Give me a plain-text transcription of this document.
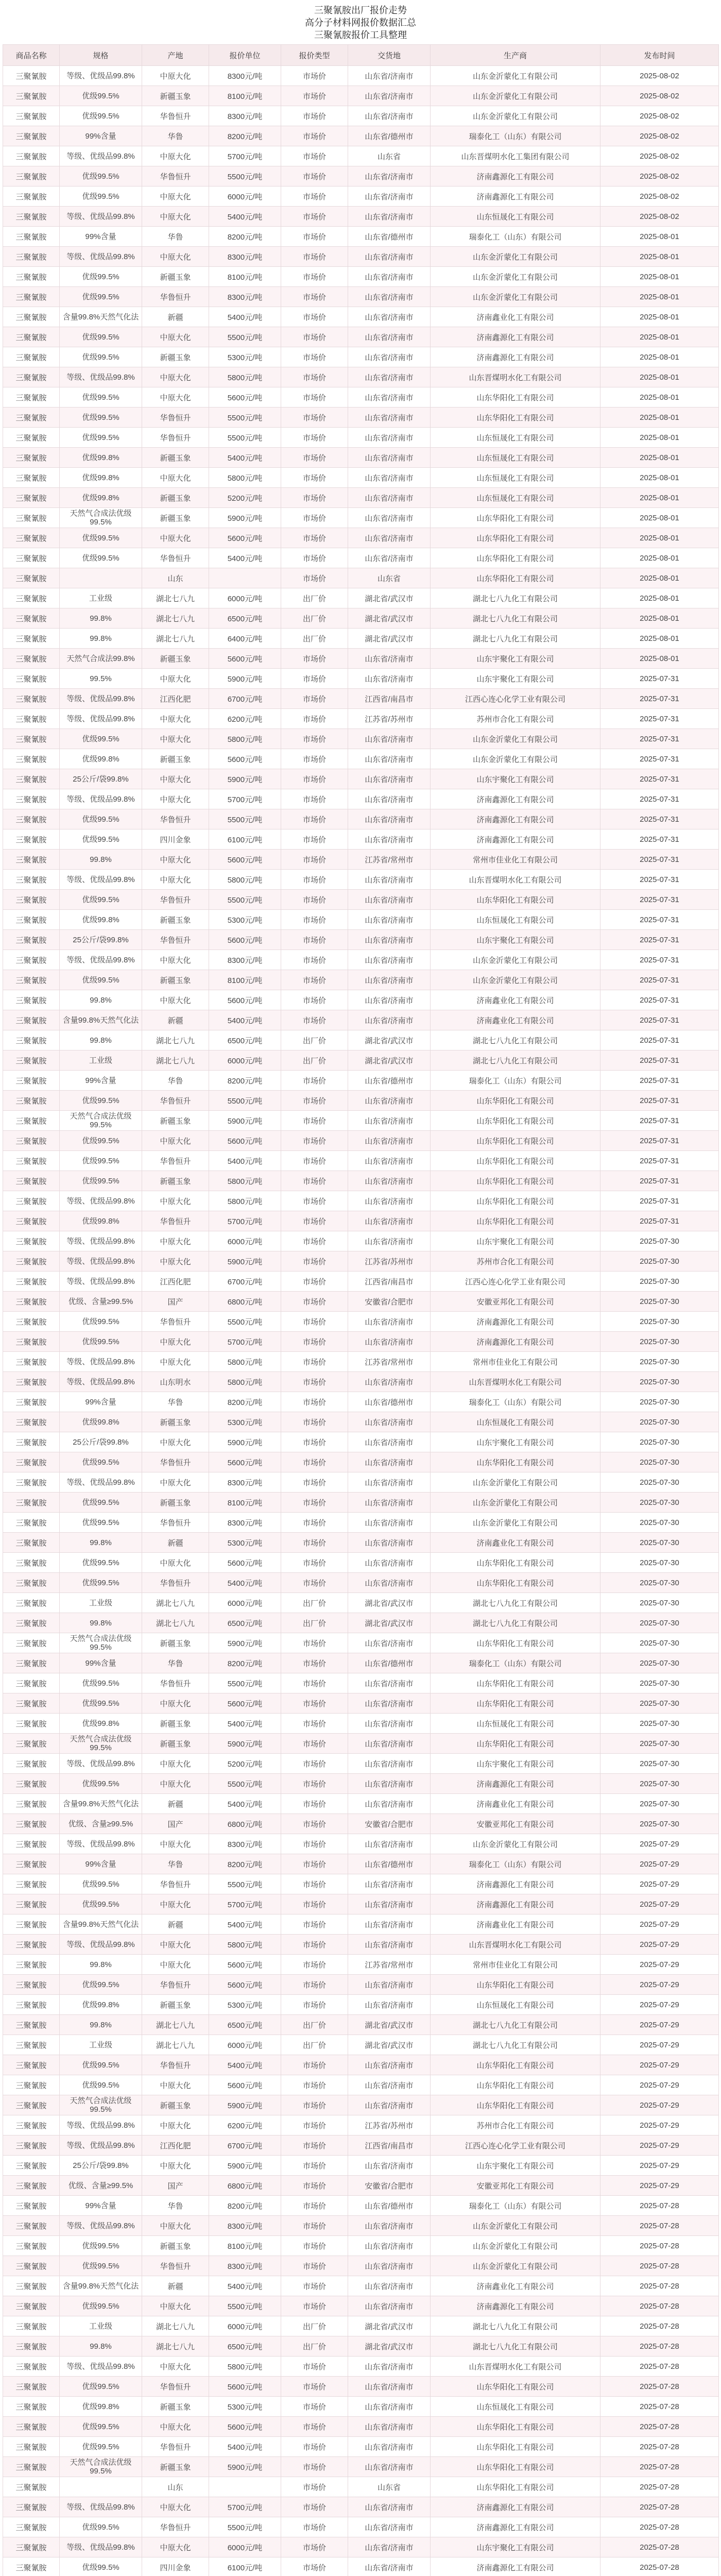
三聚氰胺出厂报价走势
高分子材料网报价数据汇总
三聚氰胺报价工具整理
商品名称	规格	产地	报价单位	报价类型	交货地	生产商	发布时间
三聚氰胺	等级、优级品99.8%	中原大化	8300元/吨	市场价	山东省/济南市	山东金沂蒙化工有限公司	2025-08-02
三聚氰胺	优级99.5%	新疆玉象	8100元/吨	市场价	山东省/济南市	山东金沂蒙化工有限公司	2025-08-02
三聚氰胺	优级99.5%	华鲁恒升	8300元/吨	市场价	山东省/济南市	山东金沂蒙化工有限公司	2025-08-02
三聚氰胺	99%含量	华鲁	8200元/吨	市场价	山东省/德州市	瑞泰化工（山东）有限公司	2025-08-02
三聚氰胺	等级、优级品99.8%	中原大化	5700元/吨	市场价	山东省	山东晋煤明水化工集团有限公司	2025-08-02
三聚氰胺	优级99.5%	华鲁恒升	5500元/吨	市场价	山东省/济南市	济南鑫源化工有限公司	2025-08-02
三聚氰胺	优级99.5%	中原大化	6000元/吨	市场价	山东省/济南市	济南鑫源化工有限公司	2025-08-02
三聚氰胺	等级、优级品99.8%	中原大化	5400元/吨	市场价	山东省/济南市	山东恒晟化工有限公司	2025-08-02
三聚氰胺	99%含量	华鲁	8200元/吨	市场价	山东省/德州市	瑞泰化工（山东）有限公司	2025-08-01
三聚氰胺	等级、优级品99.8%	中原大化	8300元/吨	市场价	山东省/济南市	山东金沂蒙化工有限公司	2025-08-01
三聚氰胺	优级99.5%	新疆玉象	8100元/吨	市场价	山东省/济南市	山东金沂蒙化工有限公司	2025-08-01
三聚氰胺	优级99.5%	华鲁恒升	8300元/吨	市场价	山东省/济南市	山东金沂蒙化工有限公司	2025-08-01
三聚氰胺	含量99.8%天然气化法	新疆	5400元/吨	市场价	山东省/济南市	济南鑫业化工有限公司	2025-08-01
三聚氰胺	优级99.5%	中原大化	5500元/吨	市场价	山东省/济南市	济南鑫源化工有限公司	2025-08-01
三聚氰胺	优级99.5%	新疆玉象	5300元/吨	市场价	山东省/济南市	济南鑫源化工有限公司	2025-08-01
三聚氰胺	等级、优级品99.8%	中原大化	5800元/吨	市场价	山东省/济南市	山东晋煤明水化工有限公司	2025-08-01
三聚氰胺	优级99.5%	中原大化	5600元/吨	市场价	山东省/济南市	山东华阳化工有限公司	2025-08-01
三聚氰胺	优级99.5%	华鲁恒升	5500元/吨	市场价	山东省/济南市	山东华阳化工有限公司	2025-08-01
三聚氰胺	优级99.5%	华鲁恒升	5500元/吨	市场价	山东省/济南市	山东恒晟化工有限公司	2025-08-01
三聚氰胺	优级99.8%	新疆玉象	5400元/吨	市场价	山东省/济南市	山东恒晟化工有限公司	2025-08-01
三聚氰胺	优级99.8%	中原大化	5800元/吨	市场价	山东省/济南市	山东恒晟化工有限公司	2025-08-01
三聚氰胺	优级99.8%	新疆玉象	5200元/吨	市场价	山东省/济南市	山东恒晟化工有限公司	2025-08-01
三聚氰胺	天然气合成法优级99.5%	新疆玉象	5900元/吨	市场价	山东省/济南市	山东华阳化工有限公司	2025-08-01
三聚氰胺	优级99.5%	中原大化	5600元/吨	市场价	山东省/济南市	山东华阳化工有限公司	2025-08-01
三聚氰胺	优级99.5%	华鲁恒升	5400元/吨	市场价	山东省/济南市	山东华阳化工有限公司	2025-08-01
三聚氰胺		山东		市场价	山东省	山东华阳化工有限公司	2025-08-01
三聚氰胺	工业级	湖北七八九	6000元/吨	出厂价	湖北省/武汉市	湖北七八九化工有限公司	2025-08-01
三聚氰胺	99.8%	湖北七八九	6500元/吨	出厂价	湖北省/武汉市	湖北七八九化工有限公司	2025-08-01
三聚氰胺	99.8%	湖北七八九	6400元/吨	出厂价	湖北省/武汉市	湖北七八九化工有限公司	2025-08-01
三聚氰胺	天然气合成法99.8%	新疆玉象	5600元/吨	市场价	山东省/济南市	山东宇聚化工有限公司	2025-08-01
三聚氰胺	99.5%	中原大化	5900元/吨	市场价	山东省/济南市	山东宇聚化工有限公司	2025-07-31
三聚氰胺	等级、优级品99.8%	江西化肥	6700元/吨	市场价	江西省/南昌市	江西心连心化学工业有限公司	2025-07-31
三聚氰胺	等级、优级品99.8%	中原大化	6200元/吨	市场价	江苏省/苏州市	苏州市合化工有限公司	2025-07-31
三聚氰胺	优级99.5%	中原大化	5800元/吨	市场价	山东省/济南市	山东金沂蒙化工有限公司	2025-07-31
三聚氰胺	优级99.8%	新疆玉象	5600元/吨	市场价	山东省/济南市	山东金沂蒙化工有限公司	2025-07-31
三聚氰胺	25公斤/袋99.8%	中原大化	5900元/吨	市场价	山东省/济南市	山东宇聚化工有限公司	2025-07-31
三聚氰胺	等级、优级品99.8%	中原大化	5700元/吨	市场价	山东省/济南市	济南鑫源化工有限公司	2025-07-31
三聚氰胺	优级99.5%	华鲁恒升	5500元/吨	市场价	山东省/济南市	济南鑫源化工有限公司	2025-07-31
三聚氰胺	优级99.5%	四川金象	6100元/吨	市场价	山东省/济南市	济南鑫源化工有限公司	2025-07-31
三聚氰胺	99.8%	中原大化	5600元/吨	市场价	江苏省/常州市	常州市佳业化工有限公司	2025-07-31
三聚氰胺	等级、优级品99.8%	中原大化	5800元/吨	市场价	山东省/济南市	山东晋煤明水化工有限公司	2025-07-31
三聚氰胺	优级99.5%	华鲁恒升	5500元/吨	市场价	山东省/济南市	山东华阳化工有限公司	2025-07-31
三聚氰胺	优级99.8%	新疆玉象	5300元/吨	市场价	山东省/济南市	山东恒晟化工有限公司	2025-07-31
三聚氰胺	25公斤/袋99.8%	华鲁恒升	5600元/吨	市场价	山东省/济南市	山东宇聚化工有限公司	2025-07-31
三聚氰胺	等级、优级品99.8%	中原大化	8300元/吨	市场价	山东省/济南市	山东金沂蒙化工有限公司	2025-07-31
三聚氰胺	优级99.5%	新疆玉象	8100元/吨	市场价	山东省/济南市	山东金沂蒙化工有限公司	2025-07-31
三聚氰胺	99.8%	中原大化	5600元/吨	市场价	山东省/济南市	济南鑫业化工有限公司	2025-07-31
三聚氰胺	含量99.8%天然气化法	新疆	5400元/吨	市场价	山东省/济南市	济南鑫业化工有限公司	2025-07-31
三聚氰胺	99.8%	湖北七八九	6500元/吨	出厂价	湖北省/武汉市	湖北七八九化工有限公司	2025-07-31
三聚氰胺	工业级	湖北七八九	6000元/吨	出厂价	湖北省/武汉市	湖北七八九化工有限公司	2025-07-31
三聚氰胺	99%含量	华鲁	8200元/吨	市场价	山东省/德州市	瑞泰化工（山东）有限公司	2025-07-31
三聚氰胺	优级99.5%	华鲁恒升	5500元/吨	市场价	山东省/济南市	山东华阳化工有限公司	2025-07-31
三聚氰胺	天然气合成法优级99.5%	新疆玉象	5900元/吨	市场价	山东省/济南市	山东华阳化工有限公司	2025-07-31
三聚氰胺	优级99.5%	中原大化	5600元/吨	市场价	山东省/济南市	山东华阳化工有限公司	2025-07-31
三聚氰胺	优级99.5%	华鲁恒升	5400元/吨	市场价	山东省/济南市	山东华阳化工有限公司	2025-07-31
三聚氰胺	优级99.5%	新疆玉象	5800元/吨	市场价	山东省/济南市	山东华阳化工有限公司	2025-07-31
三聚氰胺	等级、优级品99.8%	中原大化	5800元/吨	市场价	山东省/济南市	山东华阳化工有限公司	2025-07-31
三聚氰胺	优级99.8%	华鲁恒升	5700元/吨	市场价	山东省/济南市	山东华阳化工有限公司	2025-07-31
三聚氰胺	等级、优级品99.8%	中原大化	6000元/吨	市场价	山东省/济南市	山东宇聚化工有限公司	2025-07-30
三聚氰胺	等级、优级品99.8%	中原大化	5900元/吨	市场价	江苏省/苏州市	苏州市合化工有限公司	2025-07-30
三聚氰胺	等级、优级品99.8%	江西化肥	6700元/吨	市场价	江西省/南昌市	江西心连心化学工业有限公司	2025-07-30
三聚氰胺	优级、含量≥99.5%	国产	6800元/吨	市场价	安徽省/合肥市	安徽亚邦化工有限公司	2025-07-30
三聚氰胺	优级99.5%	华鲁恒升	5500元/吨	市场价	山东省/济南市	济南鑫源化工有限公司	2025-07-30
三聚氰胺	优级99.5%	中原大化	5700元/吨	市场价	山东省/济南市	济南鑫源化工有限公司	2025-07-30
三聚氰胺	等级、优级品99.8%	中原大化	5800元/吨	市场价	江苏省/常州市	常州市佳业化工有限公司	2025-07-30
三聚氰胺	等级、优级品99.8%	山东明水	5800元/吨	市场价	山东省/济南市	山东晋煤明水化工有限公司	2025-07-30
三聚氰胺	99%含量	华鲁	8200元/吨	市场价	山东省/德州市	瑞泰化工（山东）有限公司	2025-07-30
三聚氰胺	优级99.8%	新疆玉象	5300元/吨	市场价	山东省/济南市	山东恒晟化工有限公司	2025-07-30
三聚氰胺	25公斤/袋99.8%	中原大化	5900元/吨	市场价	山东省/济南市	山东宇聚化工有限公司	2025-07-30
三聚氰胺	优级99.5%	华鲁恒升	5600元/吨	市场价	山东省/济南市	山东华阳化工有限公司	2025-07-30
三聚氰胺	等级、优级品99.8%	中原大化	8300元/吨	市场价	山东省/济南市	山东金沂蒙化工有限公司	2025-07-30
三聚氰胺	优级99.5%	新疆玉象	8100元/吨	市场价	山东省/济南市	山东金沂蒙化工有限公司	2025-07-30
三聚氰胺	优级99.5%	华鲁恒升	8300元/吨	市场价	山东省/济南市	山东金沂蒙化工有限公司	2025-07-30
三聚氰胺	99.8%	新疆	5300元/吨	市场价	山东省/济南市	济南鑫业化工有限公司	2025-07-30
三聚氰胺	优级99.5%	中原大化	5600元/吨	市场价	山东省/济南市	山东华阳化工有限公司	2025-07-30
三聚氰胺	优级99.5%	华鲁恒升	5400元/吨	市场价	山东省/济南市	山东华阳化工有限公司	2025-07-30
三聚氰胺	工业级	湖北七八九	6000元/吨	出厂价	湖北省/武汉市	湖北七八九化工有限公司	2025-07-30
三聚氰胺	99.8%	湖北七八九	6500元/吨	出厂价	湖北省/武汉市	湖北七八九化工有限公司	2025-07-30
三聚氰胺	天然气合成法优级99.5%	新疆玉象	5900元/吨	市场价	山东省/济南市	山东华阳化工有限公司	2025-07-30
三聚氰胺	99%含量	华鲁	8200元/吨	市场价	山东省/德州市	瑞泰化工（山东）有限公司	2025-07-30
三聚氰胺	优级99.5%	华鲁恒升	5500元/吨	市场价	山东省/济南市	山东华阳化工有限公司	2025-07-30
三聚氰胺	优级99.5%	中原大化	5600元/吨	市场价	山东省/济南市	山东华阳化工有限公司	2025-07-30
三聚氰胺	优级99.8%	新疆玉象	5400元/吨	市场价	山东省/济南市	山东恒晟化工有限公司	2025-07-30
三聚氰胺	天然气合成法优级99.5%	新疆玉象	5900元/吨	市场价	山东省/济南市	山东华阳化工有限公司	2025-07-30
三聚氰胺	等级、优级品99.8%	中原大化	5200元/吨	市场价	山东省/济南市	山东宇聚化工有限公司	2025-07-30
三聚氰胺	优级99.5%	中原大化	5500元/吨	市场价	山东省/济南市	济南鑫源化工有限公司	2025-07-30
三聚氰胺	含量99.8%天然气化法	新疆	5400元/吨	市场价	山东省/济南市	济南鑫业化工有限公司	2025-07-30
三聚氰胺	优级、含量≥99.5%	国产	6800元/吨	市场价	安徽省/合肥市	安徽亚邦化工有限公司	2025-07-30
三聚氰胺	等级、优级品99.8%	中原大化	8300元/吨	市场价	山东省/济南市	山东金沂蒙化工有限公司	2025-07-29
三聚氰胺	99%含量	华鲁	8200元/吨	市场价	山东省/德州市	瑞泰化工（山东）有限公司	2025-07-29
三聚氰胺	优级99.5%	华鲁恒升	5500元/吨	市场价	山东省/济南市	济南鑫源化工有限公司	2025-07-29
三聚氰胺	优级99.5%	中原大化	5700元/吨	市场价	山东省/济南市	济南鑫源化工有限公司	2025-07-29
三聚氰胺	含量99.8%天然气化法	新疆	5400元/吨	市场价	山东省/济南市	济南鑫业化工有限公司	2025-07-29
三聚氰胺	等级、优级品99.8%	中原大化	5800元/吨	市场价	山东省/济南市	山东晋煤明水化工有限公司	2025-07-29
三聚氰胺	99.8%	中原大化	5600元/吨	市场价	江苏省/常州市	常州市佳业化工有限公司	2025-07-29
三聚氰胺	优级99.5%	华鲁恒升	5600元/吨	市场价	山东省/济南市	山东华阳化工有限公司	2025-07-29
三聚氰胺	优级99.8%	新疆玉象	5300元/吨	市场价	山东省/济南市	山东恒晟化工有限公司	2025-07-29
三聚氰胺	99.8%	湖北七八九	6500元/吨	出厂价	湖北省/武汉市	湖北七八九化工有限公司	2025-07-29
三聚氰胺	工业级	湖北七八九	6000元/吨	出厂价	湖北省/武汉市	湖北七八九化工有限公司	2025-07-29
三聚氰胺	优级99.5%	华鲁恒升	5400元/吨	市场价	山东省/济南市	山东华阳化工有限公司	2025-07-29
三聚氰胺	优级99.5%	中原大化	5600元/吨	市场价	山东省/济南市	山东华阳化工有限公司	2025-07-29
三聚氰胺	天然气合成法优级99.5%	新疆玉象	5900元/吨	市场价	山东省/济南市	山东华阳化工有限公司	2025-07-29
三聚氰胺	等级、优级品99.8%	中原大化	6200元/吨	市场价	江苏省/苏州市	苏州市合化工有限公司	2025-07-29
三聚氰胺	等级、优级品99.8%	江西化肥	6700元/吨	市场价	江西省/南昌市	江西心连心化学工业有限公司	2025-07-29
三聚氰胺	25公斤/袋99.8%	中原大化	5900元/吨	市场价	山东省/济南市	山东宇聚化工有限公司	2025-07-29
三聚氰胺	优级、含量≥99.5%	国产	6800元/吨	市场价	安徽省/合肥市	安徽亚邦化工有限公司	2025-07-29
三聚氰胺	99%含量	华鲁	8200元/吨	市场价	山东省/德州市	瑞泰化工（山东）有限公司	2025-07-28
三聚氰胺	等级、优级品99.8%	中原大化	8300元/吨	市场价	山东省/济南市	山东金沂蒙化工有限公司	2025-07-28
三聚氰胺	优级99.5%	新疆玉象	8100元/吨	市场价	山东省/济南市	山东金沂蒙化工有限公司	2025-07-28
三聚氰胺	优级99.5%	华鲁恒升	8300元/吨	市场价	山东省/济南市	山东金沂蒙化工有限公司	2025-07-28
三聚氰胺	含量99.8%天然气化法	新疆	5400元/吨	市场价	山东省/济南市	济南鑫业化工有限公司	2025-07-28
三聚氰胺	优级99.5%	中原大化	5500元/吨	市场价	山东省/济南市	济南鑫源化工有限公司	2025-07-28
三聚氰胺	工业级	湖北七八九	6000元/吨	出厂价	湖北省/武汉市	湖北七八九化工有限公司	2025-07-28
三聚氰胺	99.8%	湖北七八九	6500元/吨	出厂价	湖北省/武汉市	湖北七八九化工有限公司	2025-07-28
三聚氰胺	等级、优级品99.8%	中原大化	5800元/吨	市场价	山东省/济南市	山东晋煤明水化工有限公司	2025-07-28
三聚氰胺	优级99.5%	华鲁恒升	5600元/吨	市场价	山东省/济南市	山东华阳化工有限公司	2025-07-28
三聚氰胺	优级99.8%	新疆玉象	5300元/吨	市场价	山东省/济南市	山东恒晟化工有限公司	2025-07-28
三聚氰胺	优级99.5%	中原大化	5600元/吨	市场价	山东省/济南市	山东华阳化工有限公司	2025-07-28
三聚氰胺	优级99.5%	华鲁恒升	5400元/吨	市场价	山东省/济南市	山东华阳化工有限公司	2025-07-28
三聚氰胺	天然气合成法优级99.5%	新疆玉象	5900元/吨	市场价	山东省/济南市	山东华阳化工有限公司	2025-07-28
三聚氰胺		山东		市场价	山东省	山东华阳化工有限公司	2025-07-28
三聚氰胺	等级、优级品99.8%	中原大化	5700元/吨	市场价	山东省/济南市	济南鑫源化工有限公司	2025-07-28
三聚氰胺	优级99.5%	华鲁恒升	5500元/吨	市场价	山东省/济南市	济南鑫源化工有限公司	2025-07-28
三聚氰胺	等级、优级品99.8%	中原大化	6000元/吨	市场价	山东省/济南市	山东宇聚化工有限公司	2025-07-28
三聚氰胺	优级99.5%	四川金象	6100元/吨	市场价	山东省/济南市	济南鑫源化工有限公司	2025-07-28
